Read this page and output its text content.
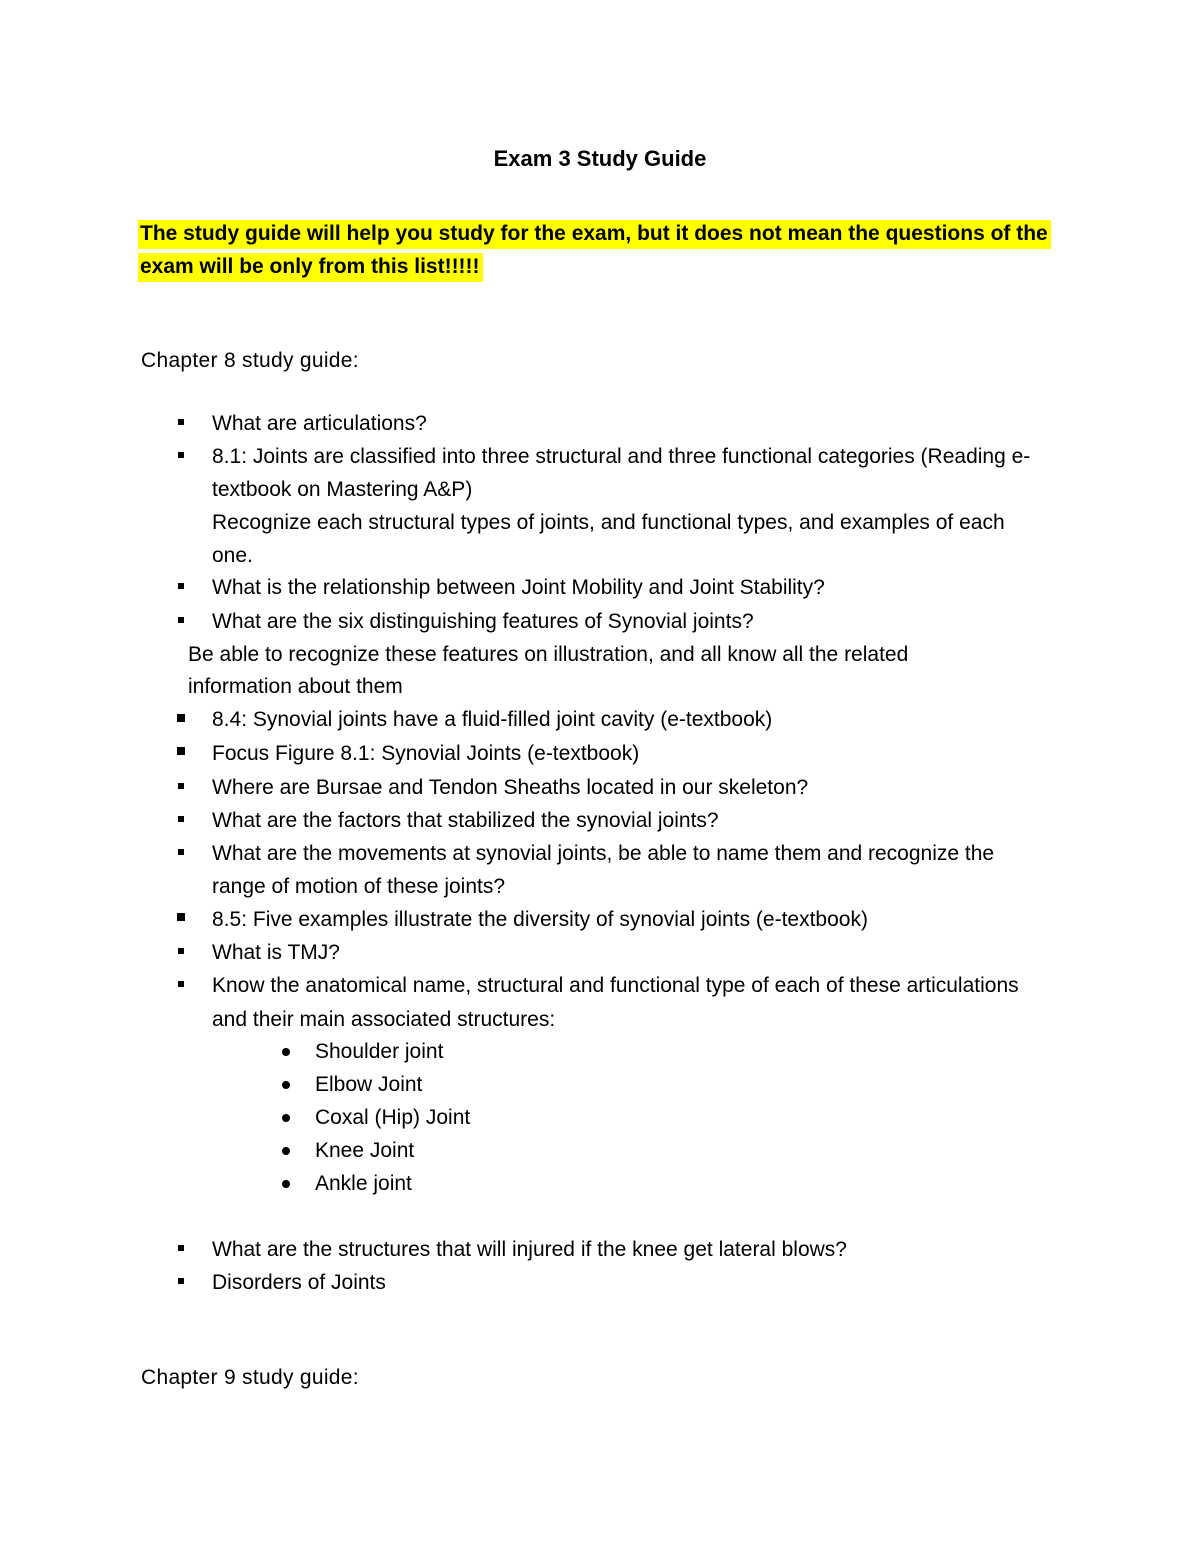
Exam 3 Study Guide
The study guide will help you study for the exam, but it does not mean the questions of the
exam will be only from this list!!!!!
Chapter 8 study guide:
What are articulations?
8.1: Joints are classified into three structural and three functional categories (Reading e-
textbook on Mastering A&P)
Recognize each structural types of joints, and functional types, and examples of each
one.
What is the relationship between Joint Mobility and Joint Stability?
What are the six distinguishing features of Synovial joints?
Be able to recognize these features on illustration, and all know all the related
information about them
8.4: Synovial joints have a fluid-filled joint cavity (e-textbook)
Focus Figure 8.1: Synovial Joints (e-textbook)
Where are Bursae and Tendon Sheaths located in our skeleton?
What are the factors that stabilized the synovial joints?
What are the movements at synovial joints, be able to name them and recognize the
range of motion of these joints?
8.5: Five examples illustrate the diversity of synovial joints (e-textbook)
What is TMJ?
Know the anatomical name, structural and functional type of each of these articulations
and their main associated structures:
Shoulder joint
Elbow Joint
Coxal (Hip) Joint
Knee Joint
Ankle joint
What are the structures that will injured if the knee get lateral blows?
Disorders of Joints
Chapter 9 study guide:
